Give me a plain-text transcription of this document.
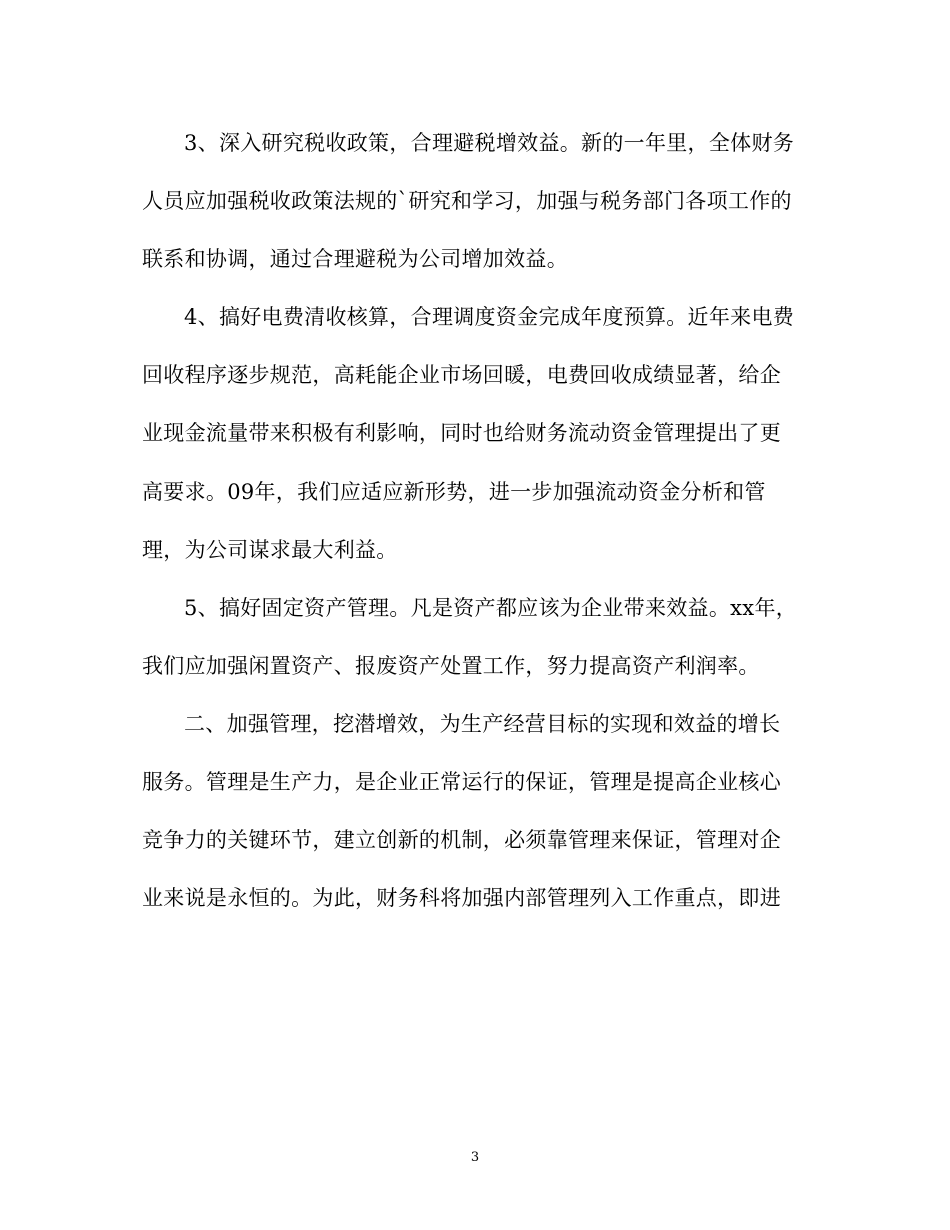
3、深入研究税收政策，合理避税增效益。新的一年里，全体财务
人员应加强税收政策法规的`研究和学习，加强与税务部门各项工作的
联系和协调，通过合理避税为公司增加效益。
4、搞好电费清收核算，合理调度资金完成年度预算。近年来电费
回收程序逐步规范，高耗能企业市场回暖，电费回收成绩显著，给企
业现金流量带来积极有利影响，同时也给财务流动资金管理提出了更
高要求。09年，我们应适应新形势，进一步加强流动资金分析和管
理，为公司谋求最大利益。
5、搞好固定资产管理。凡是资产都应该为企业带来效益。xx年，
我们应加强闲置资产、报废资产处置工作，努力提高资产利润率。
二、加强管理，挖潜增效，为生产经营目标的实现和效益的增长
服务。管理是生产力，是企业正常运行的保证，管理是提高企业核心
竞争力的关键环节，建立创新的机制，必须靠管理来保证，管理对企
业来说是永恒的。为此，财务科将加强内部管理列入工作重点，即进
3
